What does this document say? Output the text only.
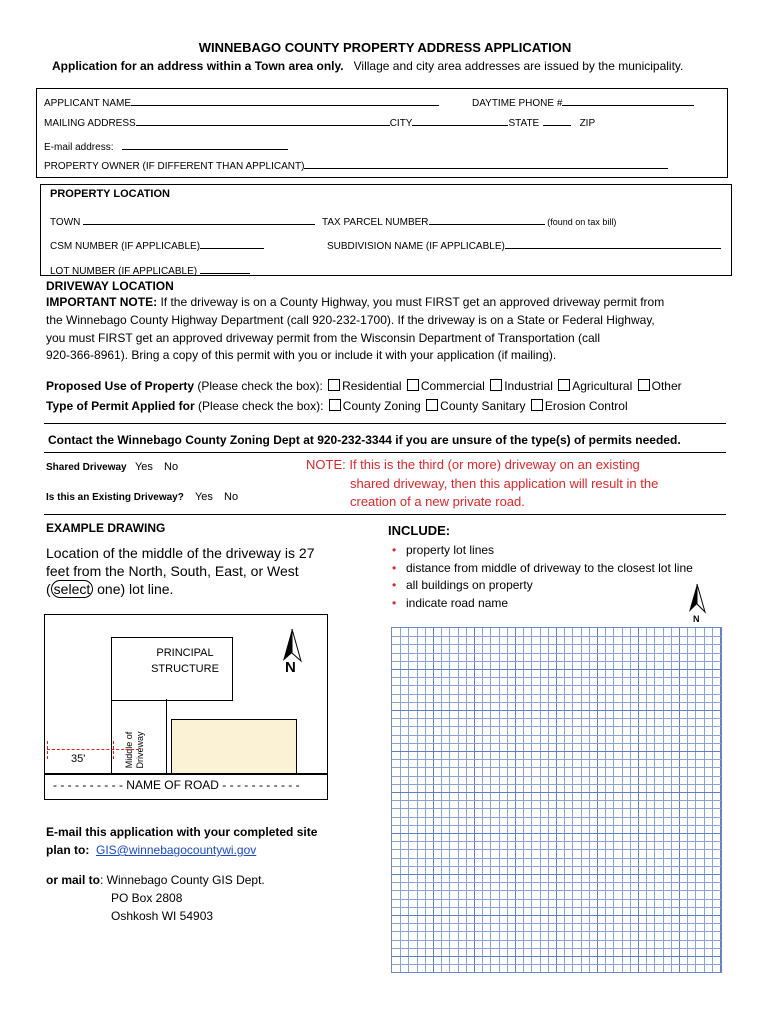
WINNEBAGO COUNTY PROPERTY ADDRESS APPLICATION
Application for an address within a Town area only. Village and city area addresses are issued by the municipality.
APPLICANT NAME	DAYTIME PHONE #
MAILING ADDRESS	CITY	STATE	ZIP
E-mail address:
PROPERTY OWNER (IF DIFFERENT THAN APPLICANT)
PROPERTY LOCATION
TOWN	TAX PARCEL NUMBER	(found on tax bill)
CSM NUMBER (IF APPLICABLE)	SUBDIVISION NAME (IF APPLICABLE)
LOT NUMBER (IF APPLICABLE)
DRIVEWAY LOCATION
IMPORTANT NOTE: If the driveway is on a County Highway, you must FIRST get an approved driveway permit from
the Winnebago County Highway Department (call 920-232-1700). If the driveway is on a State or Federal Highway,
you must FIRST get an approved driveway permit from the Wisconsin Department of Transportation (call
920-366-8961). Bring a copy of this permit with you or include it with your application (if mailing).
Proposed Use of Property (Please check the box): Residential Commercial Industrial Agricultural Other
Type of Permit Applied for (Please check the box): County Zoning County Sanitary Erosion Control
Contact the Winnebago County Zoning Dept at 920-232-3344 if you are unsure of the type(s) of permits needed.
Shared Driveway Yes No
Is this an Existing Driveway? Yes No
NOTE: If this is the third (or more) driveway on an existing
shared driveway, then this application will result in the
creation of a new private road.
EXAMPLE DRAWING
Location of the middle of the driveway is 27
feet from the North, South, East, or West
( select one) lot line.
PRINCIPAL
STRUCTURE
Middle of Driveway
35'
- - - - - - - - - - NAME OF ROAD - - - - - - - - - - -
N
INCLUDE:
• property lot lines
• distance from middle of driveway to the closest lot line
• all buildings on property
• indicate road name
N
E-mail this application with your completed site
plan to: GIS@winnebagocountywi.gov
or mail to: Winnebago County GIS Dept.
PO Box 2808
Oshkosh WI 54903
